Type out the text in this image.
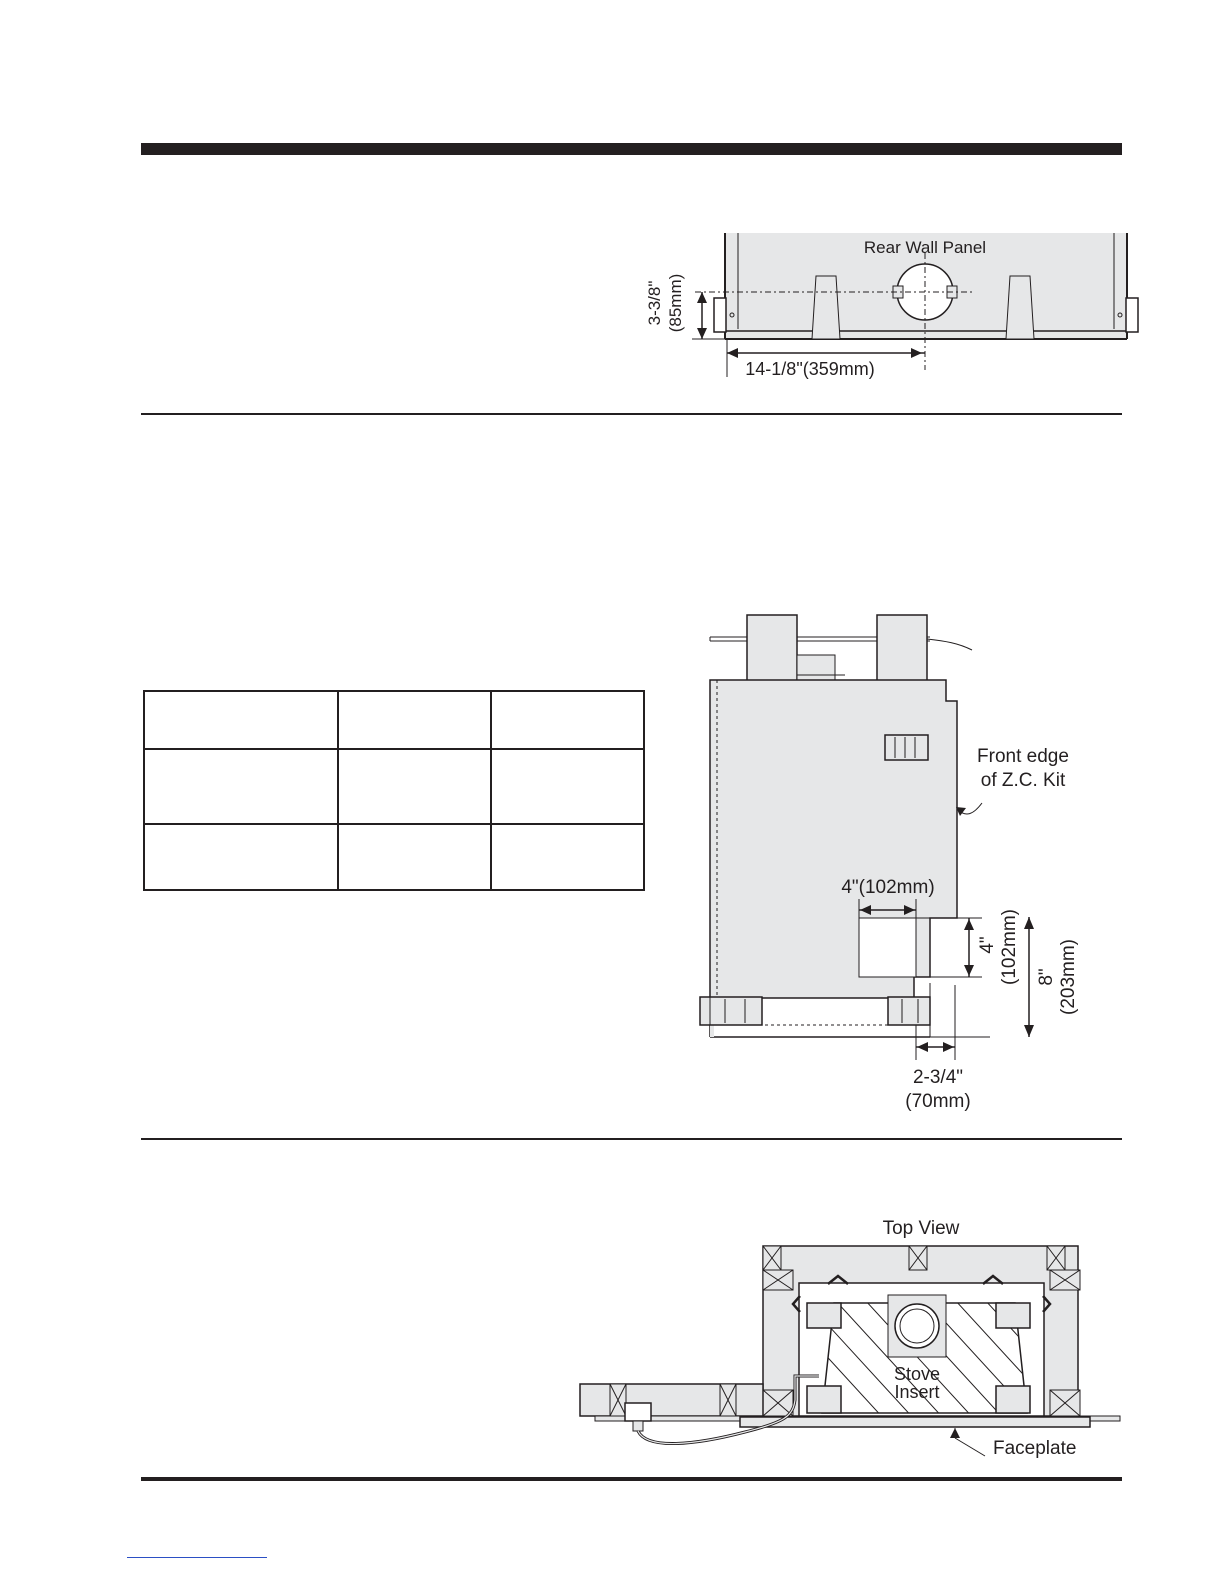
Rear Wall Panel
3-3/8" (85mm)
14-1/8"(359mm)

Front edge
of Z.C. Kit
4"(102mm)
4" (102mm) 8" (203mm)
2-3/4"
(70mm)
Top View
Stove
Insert
Faceplate
